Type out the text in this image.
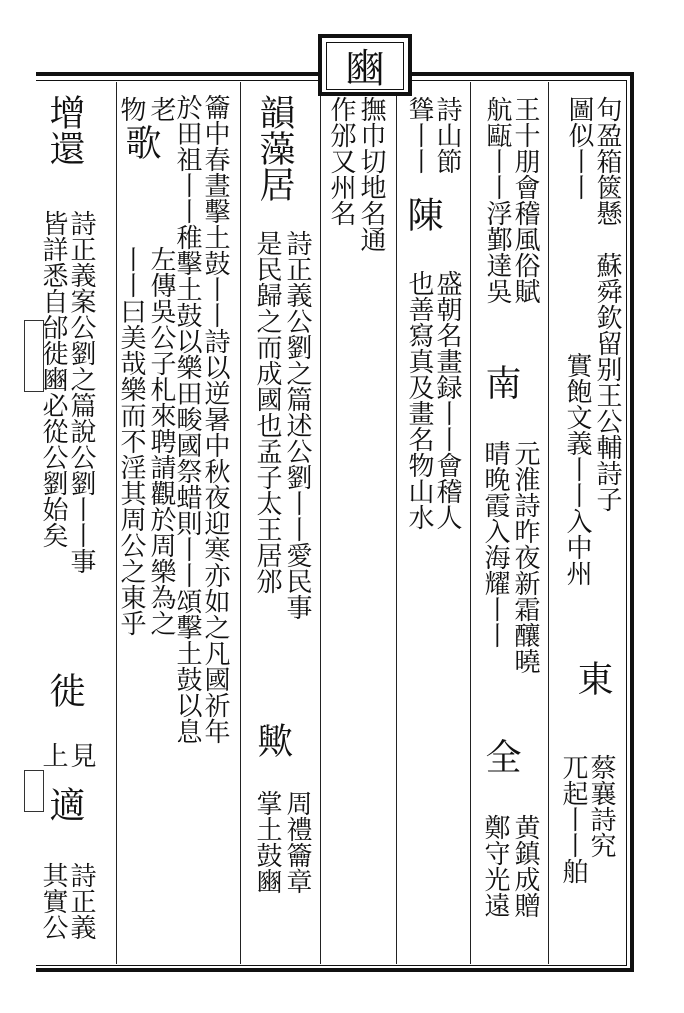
豳
句盈箱篋懸
圖似丨丨
蘇舜欽留别王公輔詩子
實飽文義丨丨入中州
東
蔡襄詩究
兀起丨丨舶
王十朋會稽風俗賦
航甌丨丨浮鄞達吳
南
元淮詩昨夜新霜釀曉
晴晚霞入海耀丨丨
全
黄鎮成贈
鄭守光遠
詩山節
聳丨丨
陳
盛朝名畫録丨丨會稽人
也善寫真及畫名物山水
撫巾切地名通
作邠又州名
韻藻居
詩正義公劉之篇述公劉丨丨愛民事
是民歸之而成國也孟子太王居邠
歟
周禮籥章
掌土鼓豳
籥中春晝擊土鼓丨丨詩以逆暑中秋夜迎寒亦如之凡國祈年
於田祖丨丨稚擊土鼓以樂田畯國祭蜡則丨丨頌擊土鼓以息
老
物
歌
左傳吳公子札來聘請觀於周樂為之
丨丨曰美哉樂而不淫其周公之東乎
增還
詩正義案公劉之篇說公劉丨丨事
皆詳悉自邰徙豳必從公劉始矣
徙
見
上
適
詩正義
其實公
